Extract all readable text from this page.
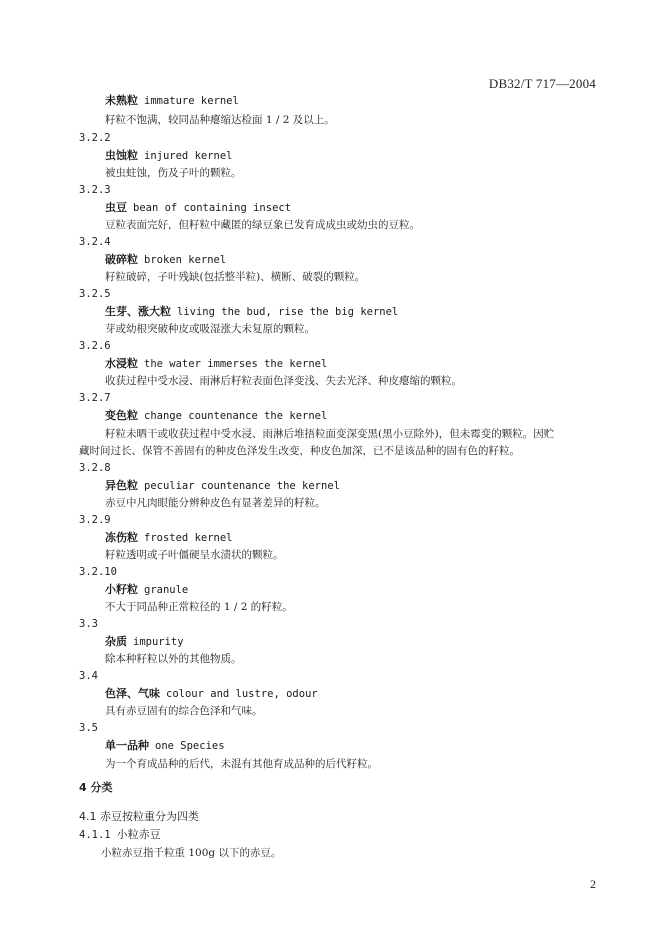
DB32/T 717—2004
未熟粒 immature kernel
籽粒不饱满，较同品种瘪缩达检面 1 / 2 及以上。
3.2.2
虫蚀粒 injured kernel
被虫蛀蚀，伤及子叶的颗粒。
3.2.3
虫豆 bean of containing insect
豆粒表面完好，但籽粒中藏匿的绿豆象已发育成成虫或幼虫的豆粒。
3.2.4
破碎粒 broken kernel
籽粒破碎，子叶残缺(包括整半粒)、横断、破裂的颗粒。
3.2.5
生芽、涨大粒 living the bud, rise the big kernel
芽或幼根突破种皮或吸湿涨大未复原的颗粒。
3.2.6
水浸粒 the water immerses the kernel
收获过程中受水浸、雨淋后籽粒表面色泽变浅、失去光泽、种皮瘪缩的颗粒。
3.2.7
变色粒 change countenance the kernel
籽粒未晒干或收获过程中受水浸、雨淋后堆捂粒面变深变黑(黑小豆除外)，但未霉变的颗粒。因贮
藏时间过长、保管不善固有的种皮色泽发生改变，种皮色加深，已不是该品种的固有色的籽粒。
3.2.8
异色粒 peculiar countenance the kernel
赤豆中凡肉眼能分辨种皮色有显著差异的籽粒。
3.2.9
冻伤粒 frosted kernel
籽粒透明或子叶僵硬呈水渍状的颗粒。
3.2.10
小籽粒 granule
不大于同品种正常粒径的 1 / 2 的籽粒。
3.3
杂质 impurity
除本种籽粒以外的其他物质。
3.4
色泽、气味 colour and lustre, odour
具有赤豆固有的综合色泽和气味。
3.5
单一品种 one Species
为一个育成品种的后代，未混有其他育成品种的后代籽粒。
4 分类
4.1 赤豆按粒重分为四类
4.1.1 小粒赤豆
小粒赤豆指千粒重 100g 以下的赤豆。
2
